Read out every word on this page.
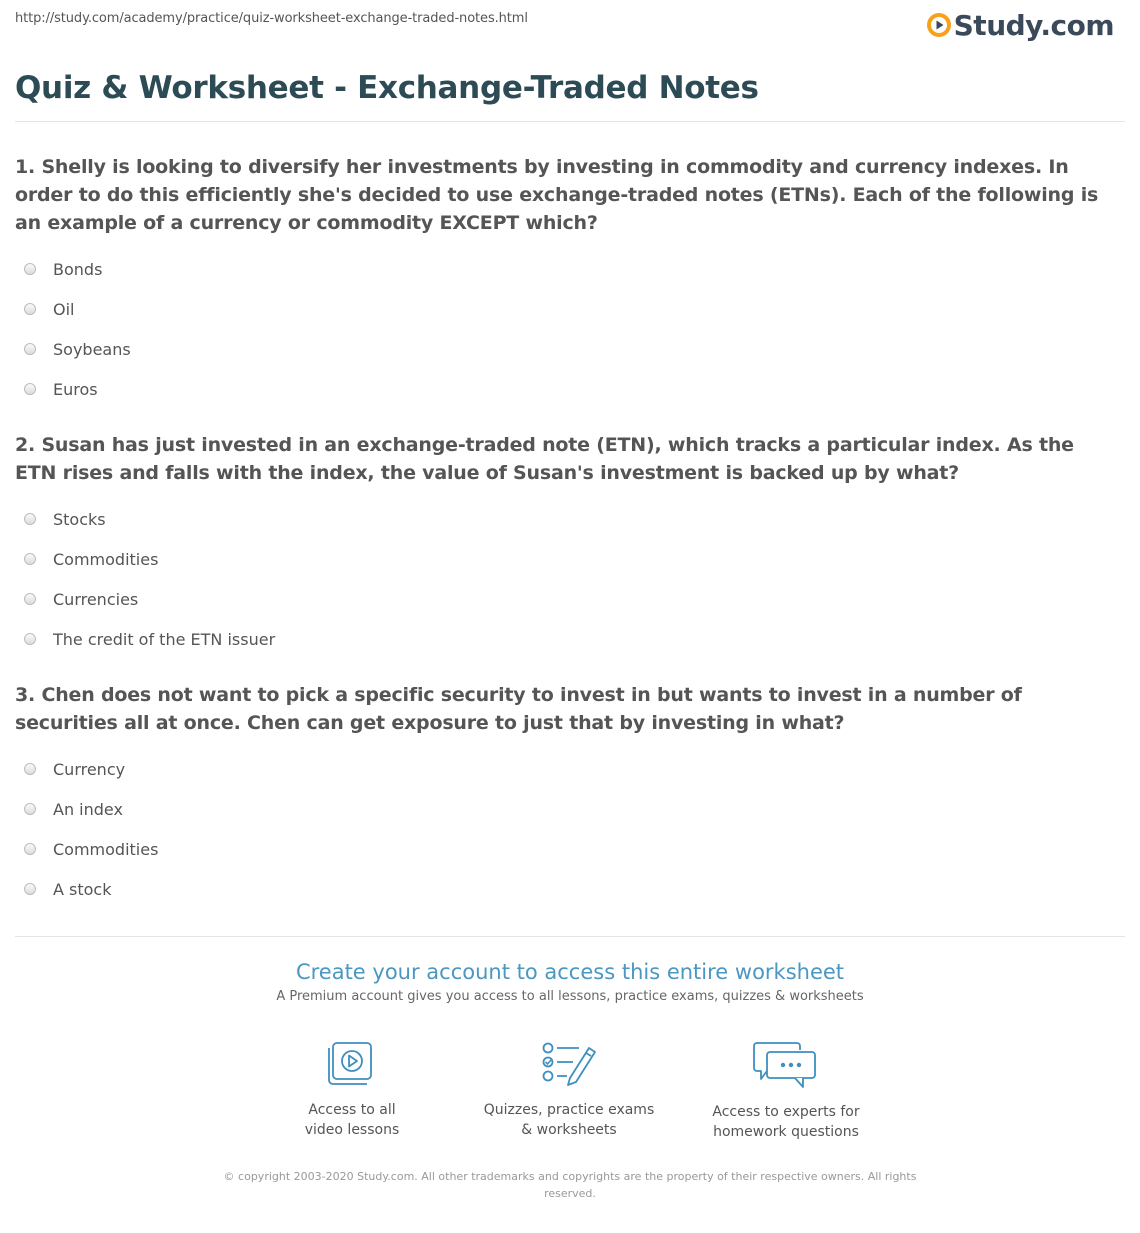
http://study.com/academy/practice/quiz-worksheet-exchange-traded-notes.html	Study.com
Quiz & Worksheet - Exchange-Traded Notes

1. Shelly is looking to diversify her investments by investing in commodity and currency indexes. In order to do this efficiently she's decided to use exchange-traded notes (ETNs). Each of the following is an example of a currency or commodity EXCEPT which?

Bonds
Oil
Soybeans
Euros

2. Susan has just invested in an exchange-traded note (ETN), which tracks a particular index. As the ETN rises and falls with the index, the value of Susan's investment is backed up by what?

Stocks
Commodities
Currencies
The credit of the ETN issuer

3. Chen does not want to pick a specific security to invest in but wants to invest in a number of securities all at once. Chen can get exposure to just that by investing in what?

Currency
An index
Commodities
A stock

Create your account to access this entire worksheet

A Premium account gives you access to all lessons, practice exams, quizzes & worksheets
Access to all
video lessons
Quizzes, practice exams
& worksheets
Access to experts for
homework questions
© copyright 2003-2020 Study.com. All other trademarks and copyrights are the property of their respective owners. All rights reserved.
